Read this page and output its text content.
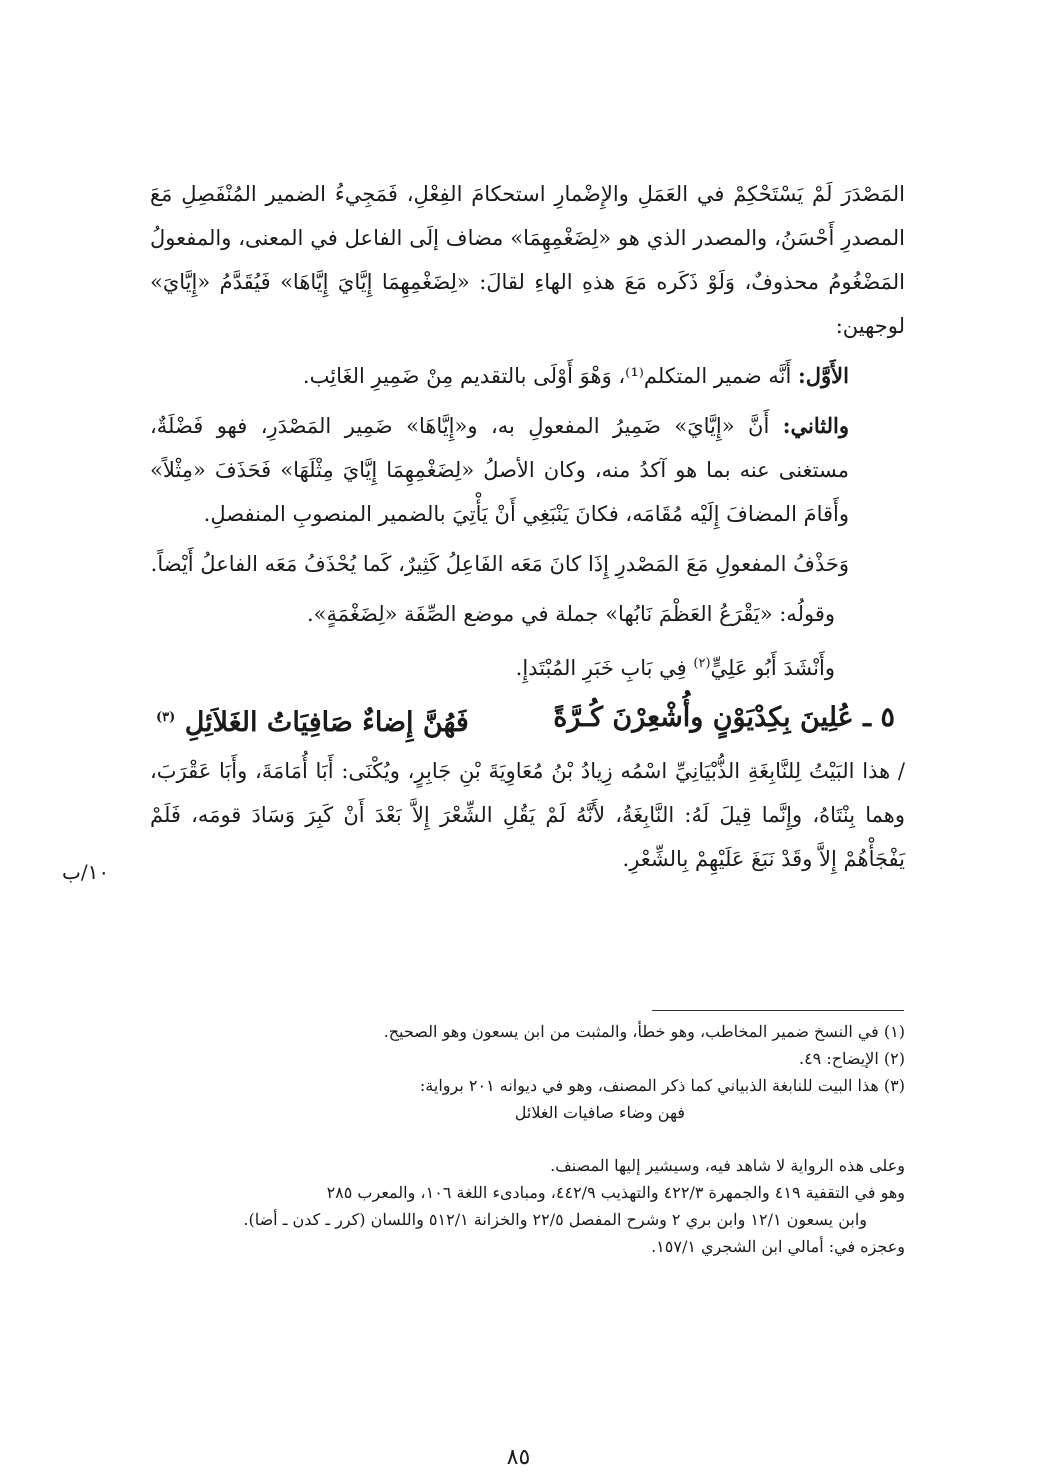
المَصْدَرَ لَمْ يَسْتَحْكِمْ في العَمَلِ والإِضْمارِ استحكامَ الفِعْلِ، فَمَجِيءُ الضمير المُنْفَصِلِ مَعَ المصدرِ أَحْسَنُ، والمصدر الذي هو «لِضَغْمِهِمَا» مضاف إلَى الفاعل في المعنى، والمفعولُ المَضْغُومُ محذوفٌ، وَلَوْ ذَكَره مَعَ هذهِ الهاءِ لقالَ: «لِضَغْمِهِمَا إِيَّايَ إِيَّاهَا» فَيُقَدَّمُ «إِيَّايَ» لوجهين:

الأَوَّل: أَنَّه ضمير المتكلم⁽¹⁾، وَهْوَ أَوْلَى بالتقديم مِنْ ضَمِيرِ الغَائِب.

والثاني: أَنَّ «إِيَّايَ» ضَمِيرُ المفعولِ به، و«إِيَّاهَا» ضَمِير المَصْدَرِ، فهو فَضْلَةٌ، مستغنى عنه بما هو آكدُ منه، وكان الأصلُ «لِضَغْمِهِمَا إِيَّايَ مِثْلَهَا» فَحَذَفَ «مِثْلاً» وأَقامَ المضافَ إِلَيْه مُقَامَه، فكانَ يَنْبَغِي أَنْ يَأْتِيَ بالضمير المنصوبِ المنفصلِ.

وَحَذْفُ المفعولِ مَعَ المَصْدرِ إِذَا كانَ مَعَه الفَاعِلُ كَثِيرٌ، كَما يُحْذَفُ مَعَه الفاعلُ أَيْضاً.

وقولُه: «يَقْرَعُ العَظْمَ نَابُها» جملة في موضع الصِّفَة «لِضَغْمَةٍ».

وأَنْشَدَ أَبُو عَلِيٍّ$^{(٢)}$ فِي بَابِ خَبَرِ المُبْتَدإِ.

٥ ـ عُلِينَ بِكِدْيَوْنٍ وأُشْعِرْنَ كُـرَّةً
فَهُنَّ إِضاءٌ صَافِيَاتُ الغَلاَئِلِ $^{(٣)}$

/ هذا البَيْتُ لِلنَّابِغَةِ الذُّبْيَانِيِّ اسْمُه زِيادُ بْنُ مُعَاوِيَةَ بْنِ جَابِرٍ، ويُكْنَى: أَبَا أُمَامَةَ، وأَبَا عَقْرَبَ، وهما بِنْتَاهُ، وإِنَّما قِيلَ لَهُ: النَّابِغَةُ، لأَنَّهُ لَمْ يَقُلِ الشِّعْرَ إِلاَّ بَعْدَ أَنْ كَبِرَ وَسَادَ قومَه، فَلَمْ يَفْجَأْهُمْ إِلاَّ وقَدْ نَبَغَ عَلَيْهِمْ بِالشِّعْرِ.

١٠/ب

(١) في النسخ ضمير المخاطب، وهو خطأ، والمثبت من ابن يسعون وهو الصحيح.

(٢) الإيضاح: ٤٩.

(٣) هذا البيت للنابغة الذبياني كما ذكر المصنف، وهو في ديوانه ٢٠١ برواية:

فهن وضاء صافيات الغلائل

وعلى هذه الرواية لا شاهد فيه، وسيشير إليها المصنف.

وهو في التقفية ٤١٩ والجمهرة ٤٢٢/٣ والتهذيب ٤٤٢/٩، ومبادىء اللغة ١٠٦، والمعرب ٢٨٥

وابن يسعون ١٢/١ وابن بري ٢ وشرح المفصل ٢٢/٥ والخزانة ٥١٢/١ واللسان (كرر ـ كدن ـ أضا).

وعجزه في: أمالي ابن الشجري ١٥٧/١.

٨٥
